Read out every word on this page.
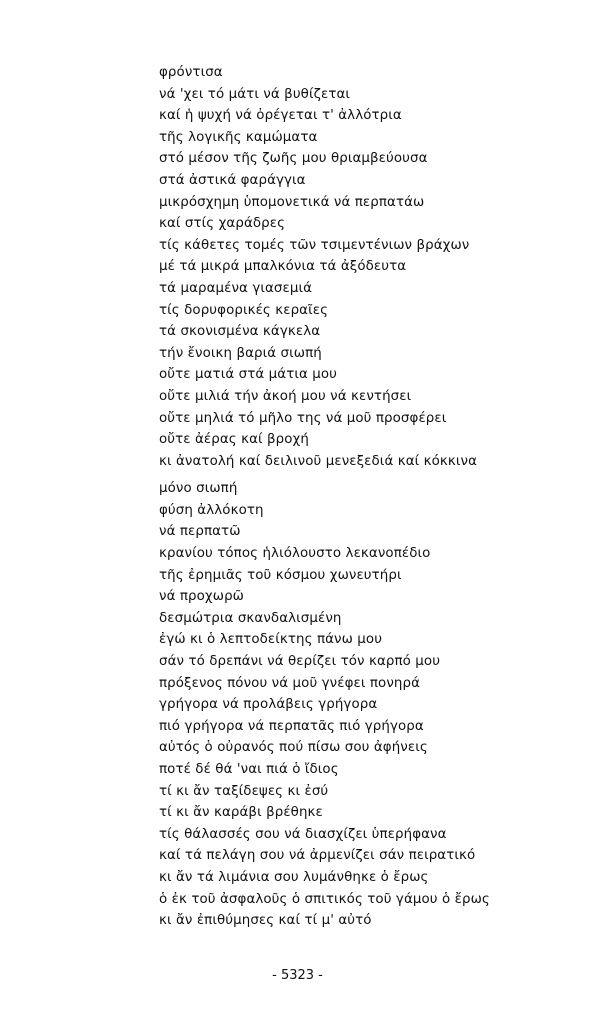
φρόντισα
νά 'χει τό μάτι νά βυθίζεται
καί ἡ ψυχή νά ὀρέγεται τ' ἀλλότρια
τῆς λογικῆς καμώματα
στό μέσον τῆς ζωῆς μου θριαμβεύουσα
στά ἀστικά φαράγγια
μικρόσχημη ὑπομονετικά νά περπατάω
καί στίς χαράδρες
τίς κάθετες τομές τῶν τσιμεντένιων βράχων
μέ τά μικρά μπαλκόνια τά ἀξόδευτα
τά μαραμένα γιασεμιά
τίς δορυφορικές κεραῖες
τά σκονισμένα κάγκελα
τήν ἔνοικη βαριά σιωπή
οὔτε ματιά στά μάτια μου
οὔτε μιλιά τήν ἀκοή μου νά κεντήσει
οὔτε μηλιά τό μῆλο της νά μοῦ προσφέρει
οὔτε ἀέρας καί βροχή
κι ἀνατολή καί δειλινοῦ μενεξεδιά καί κόκκινα
μόνο σιωπή
φύση ἀλλόκοτη
νά περπατῶ
κρανίου τόπος ἡλιόλουστο λεκανοπέδιο
τῆς ἐρημιᾶς τοῦ κόσμου χωνευτήρι
νά προχωρῶ
δεσμώτρια σκανδαλισμένη
ἐγώ κι ὁ λεπτοδείκτης πάνω μου
σάν τό δρεπάνι νά θερίζει τόν καρπό μου
πρόξενος πόνου νά μοῦ γνέφει πονηρά
γρήγορα νά προλάβεις γρήγορα
πιό γρήγορα νά περπατᾶς πιό γρήγορα
αὐτός ὁ οὐρανός πού πίσω σου ἀφήνεις
ποτέ δέ θά 'ναι πιά ὁ ἴδιος
τί κι ἄν ταξίδεψες κι ἐσύ
τί κι ἄν καράβι βρέθηκε
τίς θάλασσές σου νά διασχίζει ὑπερήφανα
καί τά πελάγη σου νά ἀρμενίζει σάν πειρατικό
κι ἄν τά λιμάνια σου λυμάνθηκε ὁ ἔρως
ὁ ἐκ τοῦ ἀσφαλοῦς ὁ σπιτικός τοῦ γάμου ὁ ἔρως
κι ἄν ἐπιθύμησες καί τί μ' αὐτό
- 5323 -
